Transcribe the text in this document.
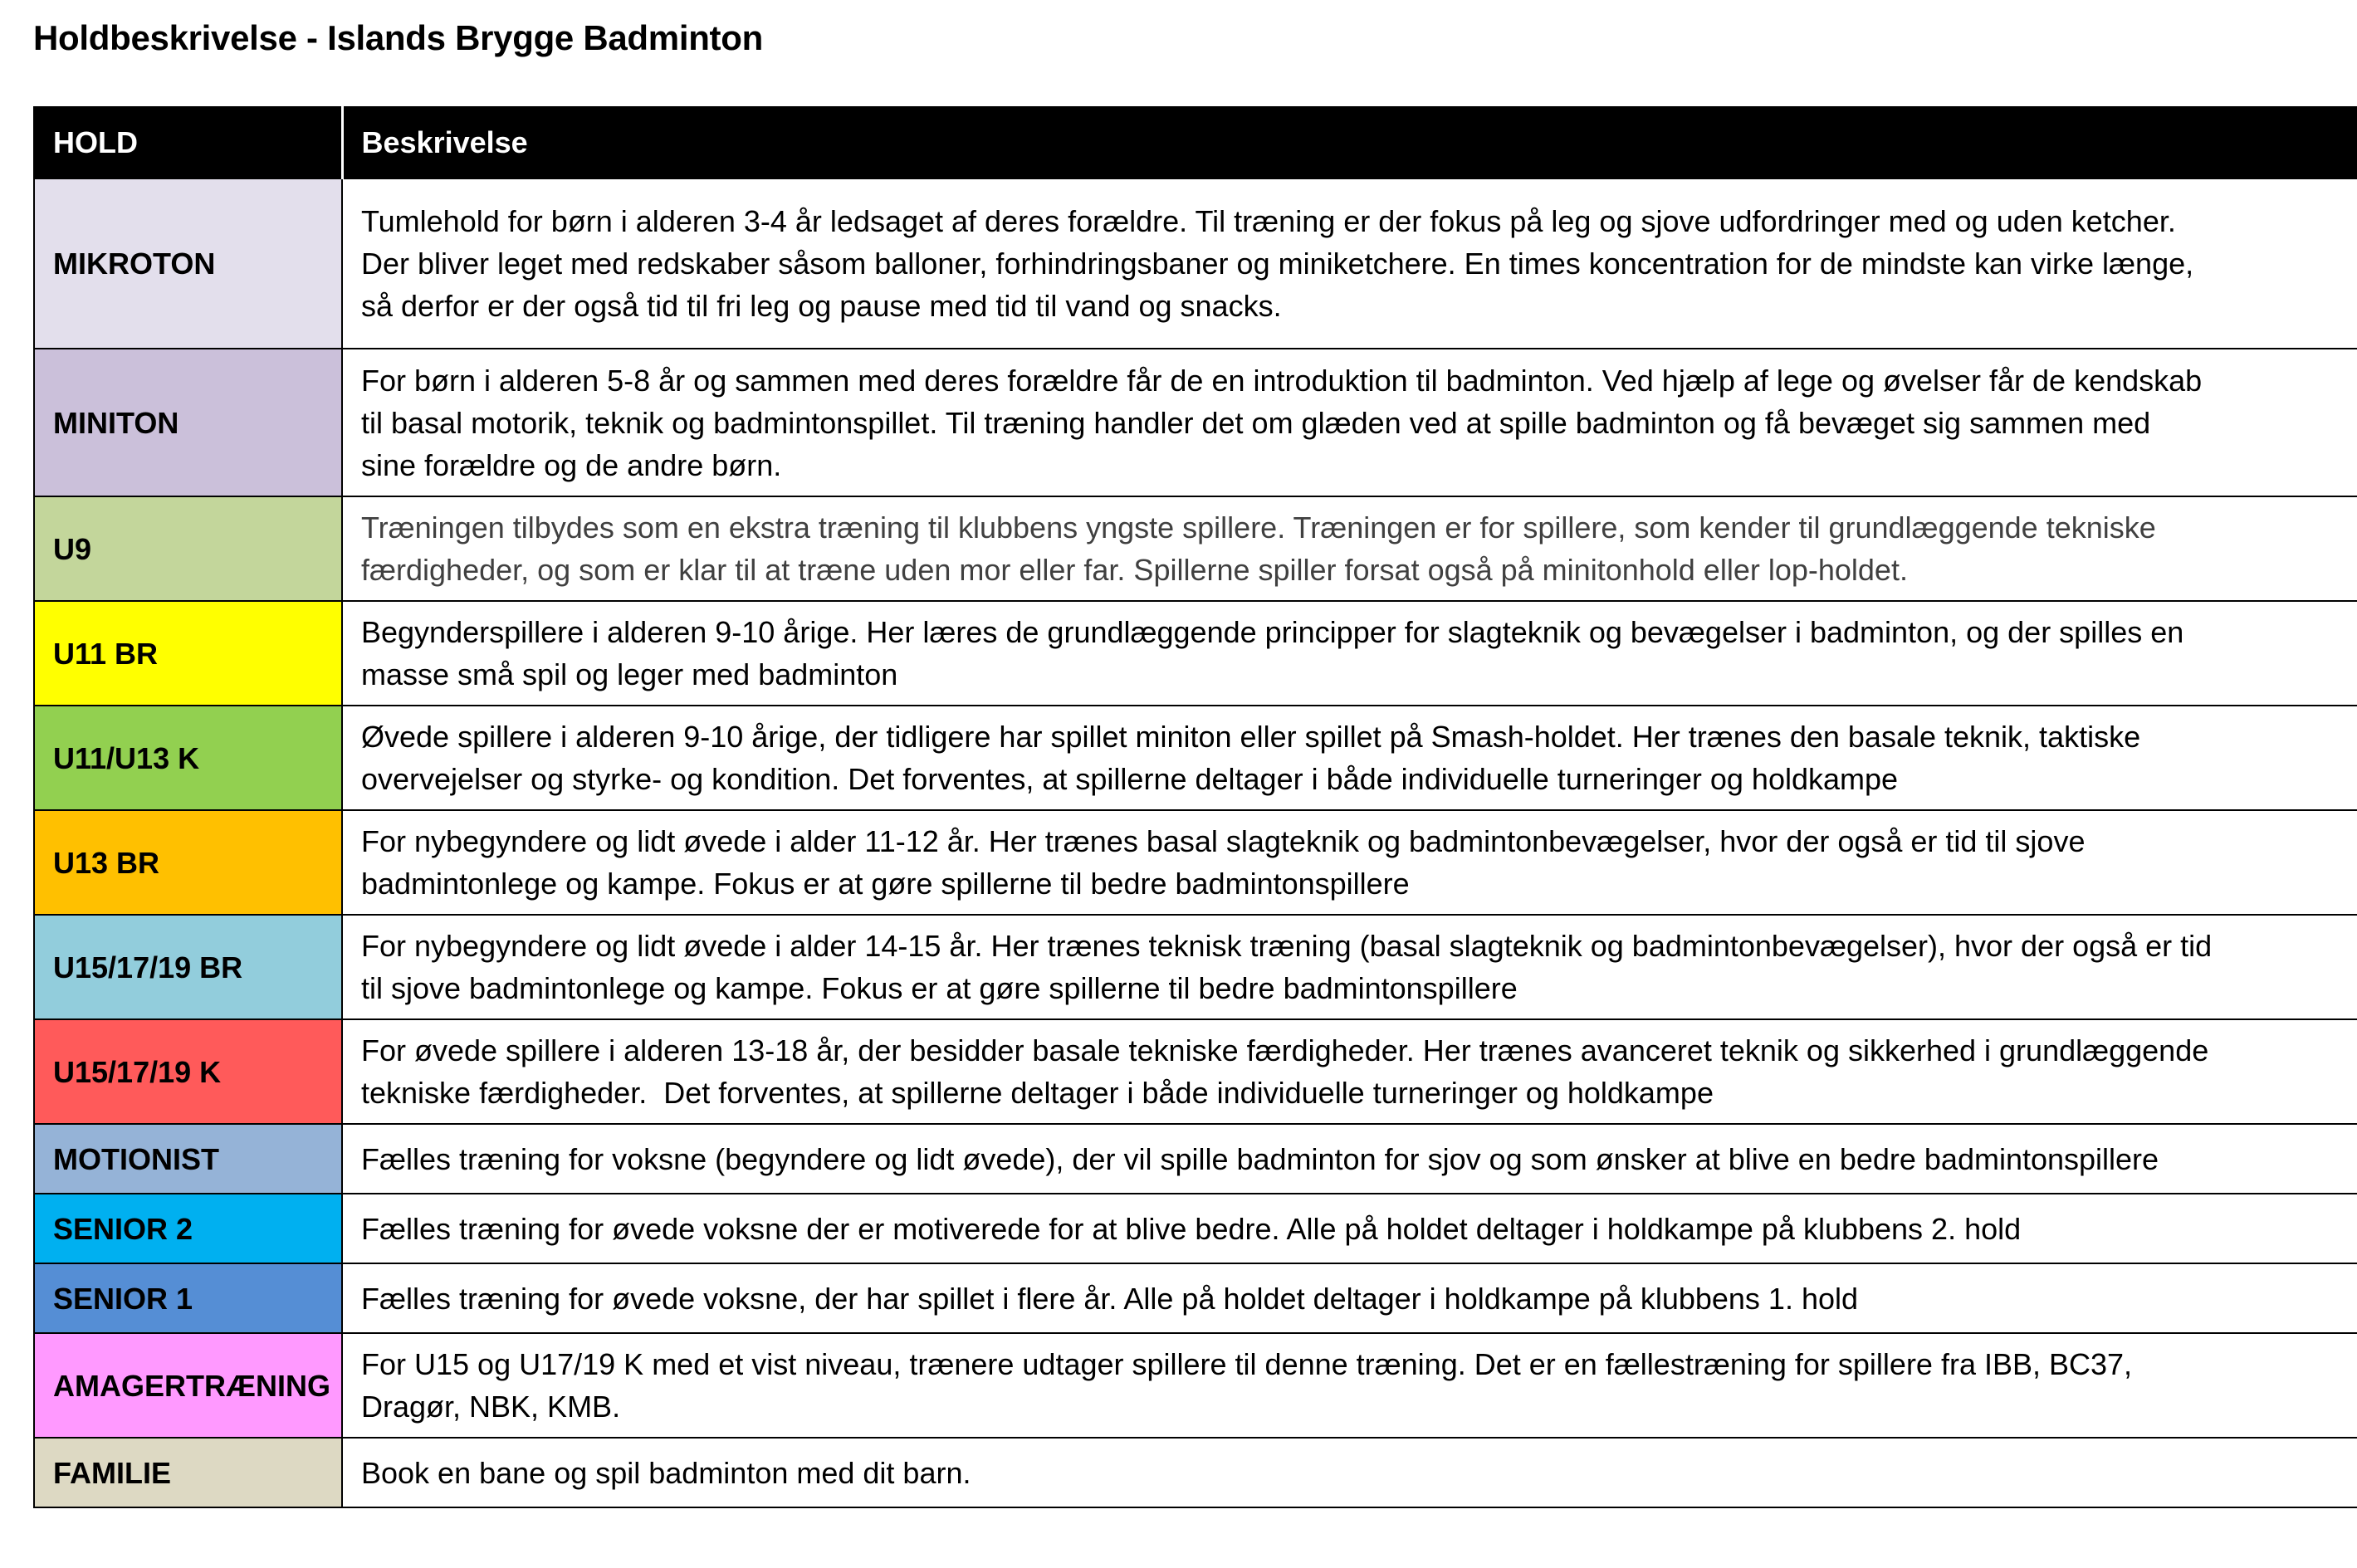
Holdbeskrivelse - Islands Brygge Badminton
HOLD	Beskrivelse
MIKROTON	Tumlehold for børn i alderen 3-4 år ledsaget af deres forældre. Til træning er der fokus på leg og sjove udfordringer med og uden ketcher.
Der bliver leget med redskaber såsom balloner, forhindringsbaner og miniketchere. En times koncentration for de mindste kan virke længe,
så derfor er der også tid til fri leg og pause med tid til vand og snacks.

MINITON	For børn i alderen 5-8 år og sammen med deres forældre får de en introduktion til badminton. Ved hjælp af lege og øvelser får de kendskab
til basal motorik, teknik og badmintonspillet. Til træning handler det om glæden ved at spille badminton og få bevæget sig sammen med
sine forældre og de andre børn.

U9	Træningen tilbydes som en ekstra træning til klubbens yngste spillere. Træningen er for spillere, som kender til grundlæggende tekniske
færdigheder, og som er klar til at træne uden mor eller far. Spillerne spiller forsat også på minitonhold eller lop-holdet.

U11 BR	Begynderspillere i alderen 9-10 årige. Her læres de grundlæggende principper for slagteknik og bevægelser i badminton, og der spilles en
masse små spil og leger med badminton

U11/U13 K	Øvede spillere i alderen 9-10 årige, der tidligere har spillet miniton eller spillet på Smash-holdet. Her trænes den basale teknik, taktiske
overvejelser og styrke- og kondition. Det forventes, at spillerne deltager i både individuelle turneringer og holdkampe

U13 BR	For nybegyndere og lidt øvede i alder 11-12 år. Her trænes basal slagteknik og badmintonbevægelser, hvor der også er tid til sjove
badmintonlege og kampe. Fokus er at gøre spillerne til bedre badmintonspillere

U15/17/19 BR	For nybegyndere og lidt øvede i alder 14-15 år. Her trænes teknisk træning (basal slagteknik og badmintonbevægelser), hvor der også er tid
til sjove badmintonlege og kampe. Fokus er at gøre spillerne til bedre badmintonspillere

U15/17/19 K	For øvede spillere i alderen 13-18 år, der besidder basale tekniske færdigheder. Her trænes avanceret teknik og sikkerhed i grundlæggende
tekniske færdigheder.  Det forventes, at spillerne deltager i både individuelle turneringer og holdkampe

MOTIONIST	Fælles træning for voksne (begyndere og lidt øvede), der vil spille badminton for sjov og som ønsker at blive en bedre badmintonspillere

SENIOR 2	Fælles træning for øvede voksne der er motiverede for at blive bedre. Alle på holdet deltager i holdkampe på klubbens 2. hold

SENIOR 1	Fælles træning for øvede voksne, der har spillet i flere år. Alle på holdet deltager i holdkampe på klubbens 1. hold

AMAGERTRÆNING	For U15 og U17/19 K med et vist niveau, trænere udtager spillere til denne træning. Det er en fællestræning for spillere fra IBB, BC37,
Dragør, NBK, KMB.

FAMILIE	Book en bane og spil badminton med dit barn.
